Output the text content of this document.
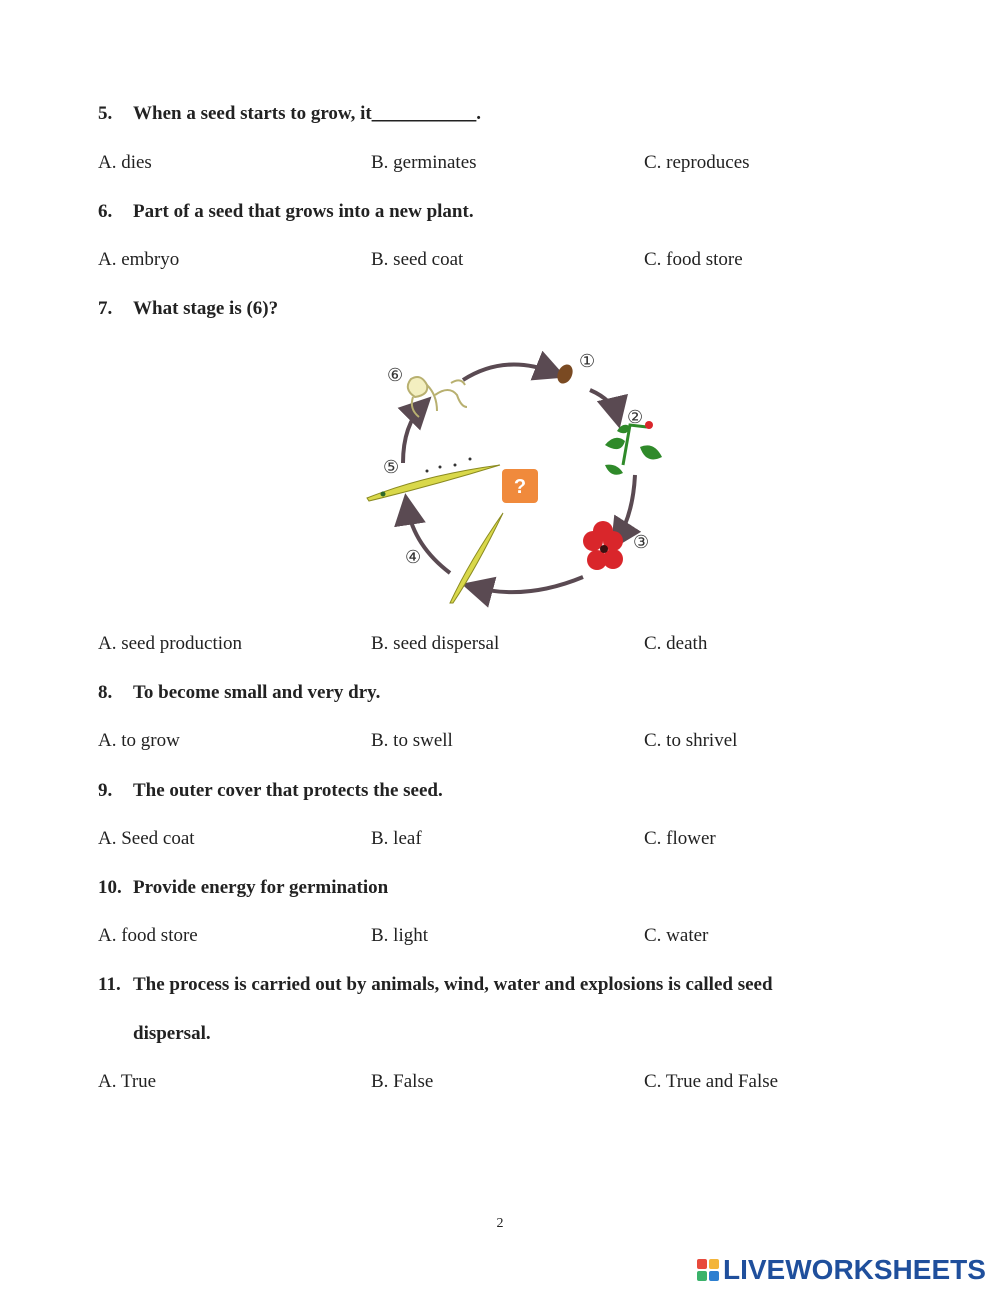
5. When a seed starts to grow, it___________.
A. dies	B. germinates	C. reproduces
6. Part of a seed that grows into a new plant.
A. embryo	B. seed coat	C. food store
7. What stage is (6)?
?
①
②
③
④
⑤
⑥
A. seed production	B. seed dispersal	C. death
8. To become small and very dry.
A. to grow	B. to swell	C. to shrivel
9. The outer cover that protects the seed.
A. Seed coat	B. leaf	C. flower
10. Provide energy for germination
A. food store	B. light	C. water
11. The process is carried out by animals, wind, water and explosions is called seed
dispersal.
A. True	B. False	C. True and False
2
LIVEWORKSHEETS
